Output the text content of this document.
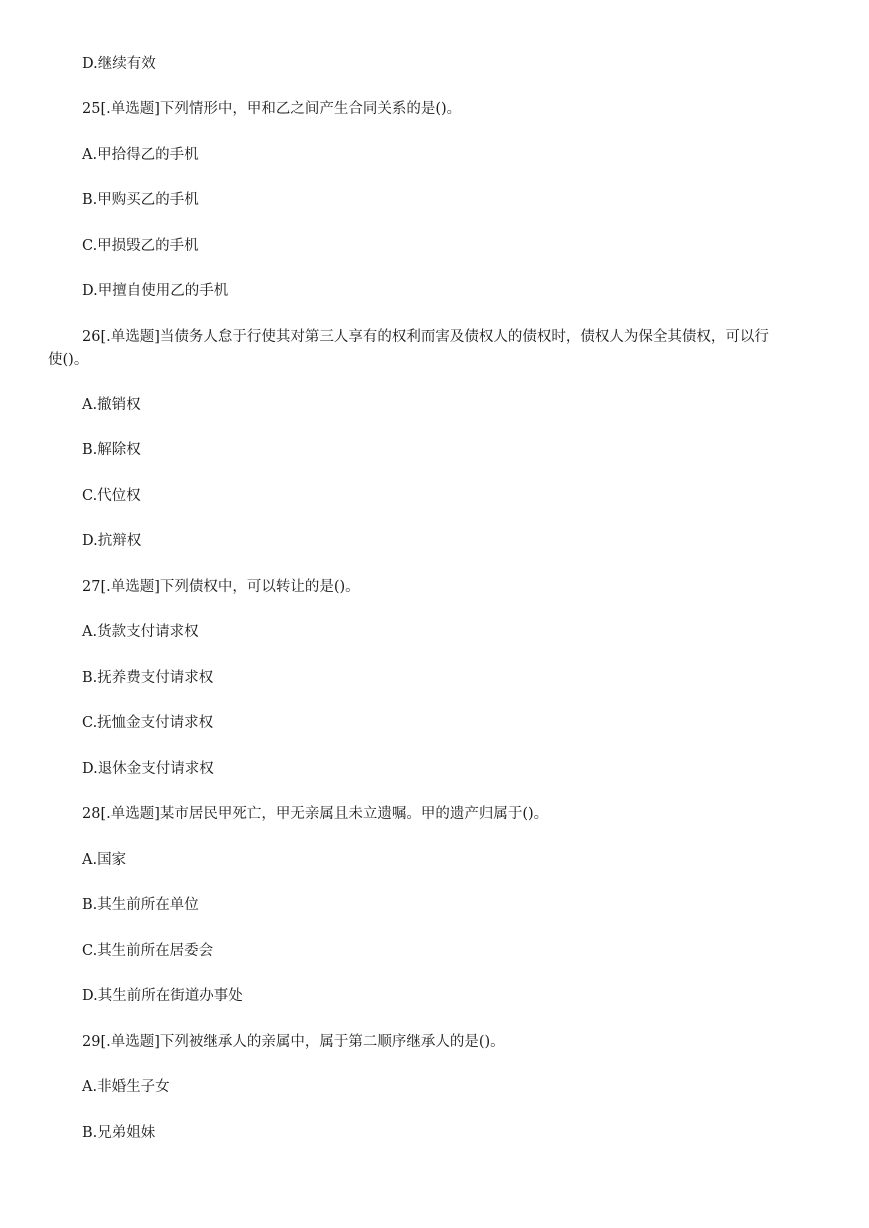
D.继续有效
25[.单选题]下列情形中，甲和乙之间产生合同关系的是()。
A.甲拾得乙的手机
B.甲购买乙的手机
C.甲损毁乙的手机
D.甲擅自使用乙的手机
26[.单选题]当债务人怠于行使其对第三人享有的权利而害及债权人的债权时，债权人为保全其债权，可以行
使()。
A.撤销权
B.解除权
C.代位权
D.抗辩权
27[.单选题]下列债权中，可以转让的是()。
A.货款支付请求权
B.抚养费支付请求权
C.抚恤金支付请求权
D.退休金支付请求权
28[.单选题]某市居民甲死亡，甲无亲属且未立遗嘱。甲的遗产归属于()。
A.国家
B.其生前所在单位
C.其生前所在居委会
D.其生前所在街道办事处
29[.单选题]下列被继承人的亲属中，属于第二顺序继承人的是()。
A.非婚生子女
B.兄弟姐妹
